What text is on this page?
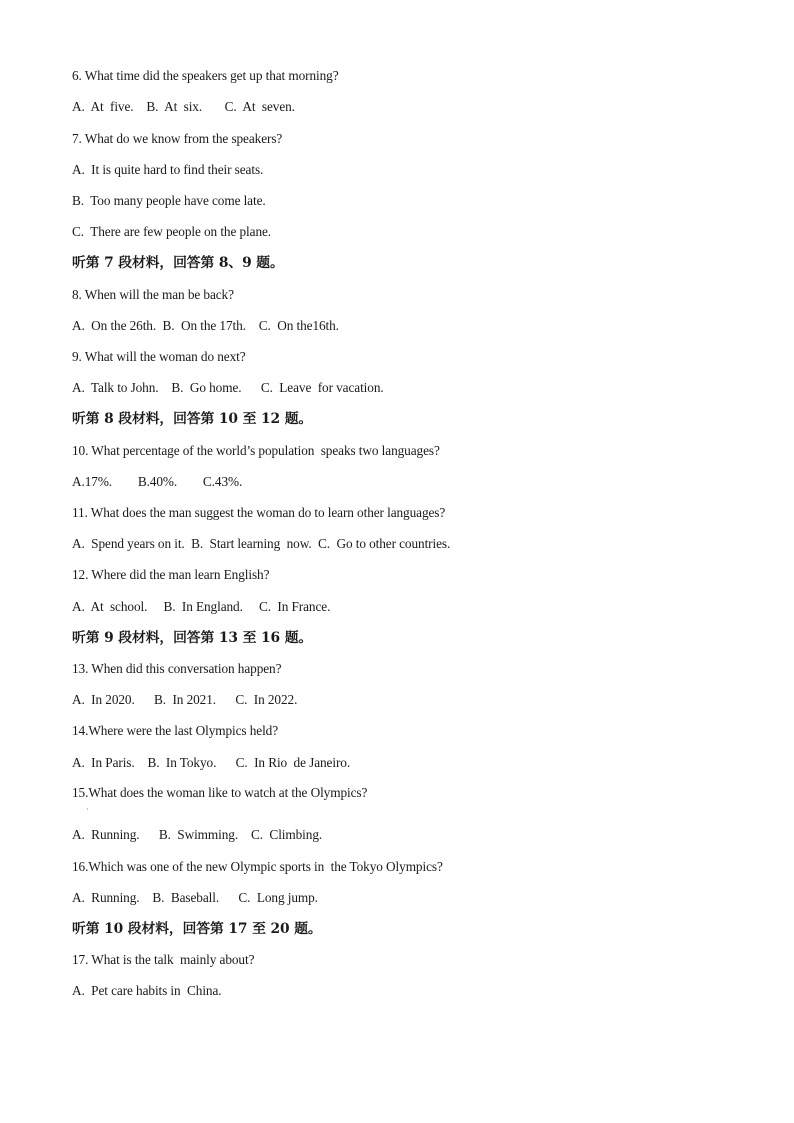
6. What time did the speakers get up that morning?
A.  At  five.    B.  At  six.       C.  At  seven.
7. What do we know from the speakers?
A.  It is quite hard to find their seats.
B.  Too many people have come late.
C.  There are few people on the plane.
听第 7 段材料，回答第 8、9 题。
8. When will the man be back?
A.  On the 26th.  B.  On the 17th.    C.  On the16th.
9. What will the woman do next?
A.  Talk to John.    B.  Go home.      C.  Leave  for vacation.
听第 8 段材料，回答第 10 至 12 题。
10. What percentage of the world’s population  speaks two languages?
A.17%.        B.40%.        C.43%.
11. What does the man suggest the woman do to learn other languages?
A.  Spend years on it.  B.  Start learning  now.  C.  Go to other countries.
12. Where did the man learn English?
A.  At  school.     B.  In England.     C.  In France.
听第 9 段材料，回答第 13 至 16 题。
13. When did this conversation happen?
A.  In 2020.      B.  In 2021.      C.  In 2022.
14.Where were the last Olympics held?
A.  In Paris.    B.  In Tokyo.      C.  In Rio  de Janeiro.
15.What does the woman like to watch at the Olympics?
·
A.  Running.      B.  Swimming.    C.  Climbing.
16.Which was one of the new Olympic sports in  the Tokyo Olympics?
A.  Running.    B.  Baseball.      C.  Long jump.
听第 10 段材料，回答第 17 至 20 题。
17. What is the talk  mainly about?
A.  Pet care habits in  China.
